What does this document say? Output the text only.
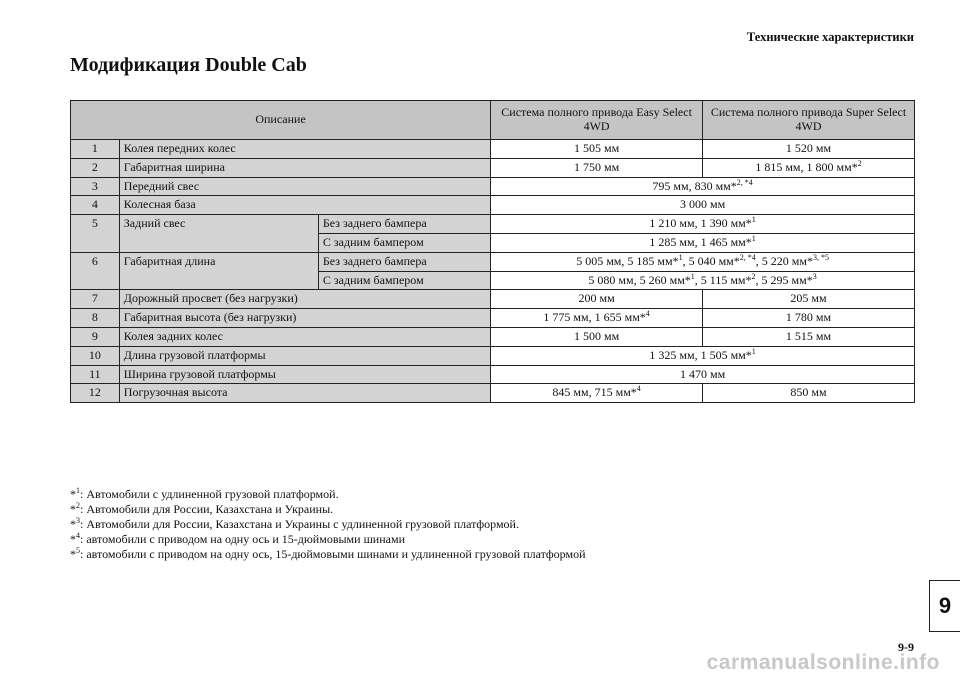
Технические характеристики
Модификация Double Cab
Описание			Система полного привода Easy Select 4WD	Система полного привода Super Select 4WD
1	Колея передних колес		1 505 мм	1 520 мм
2	Габаритная ширина		1 750 мм	1 815 мм, 1 800 мм*$^2$
3	Передний свес		795 мм, 830 мм*$^{2, *4}$
4	Колесная база		3 000 мм	
5	Задний свес	Без заднего бампера	1 210 мм, 1 390 мм*$^1$
		С задним бампером	1 285 мм, 1 465 мм*$^1$
6	Габаритная длина	Без заднего бампера	5 005 мм, 5 185 мм*$^1$, 5 040 мм*$^{2, *4}$, 5 220 мм*$^{3, *5}$
		С задним бампером	5 080 мм, 5 260 мм*$^1$, 5 115 мм*$^2$, 5 295 мм*$^3$
7	Дорожный просвет (без нагрузки)		200 мм	205 мм
8	Габаритная высота (без нагрузки)		1 775 мм, 1 655 мм*$^4$	1 780 мм
9	Колея задних колес		1 500 мм	1 515 мм
10	Длина грузовой платформы		1 325 мм, 1 505 мм*$^1$
11	Ширина грузовой платформы		1 470 мм	
12	Погрузочная высота		845 мм, 715 мм*$^4$	850 мм
*$^1$: Автомобили с удлиненной грузовой платформой.
*$^2$: Автомобили для России, Казахстана и Украины.
*$^3$: Автомобили для России, Казахстана и Украины с удлиненной грузовой платформой.
*$^4$: автомобили с приводом на одну ось и 15-дюймовыми шинами
*$^5$: автомобили с приводом на одну ось, 15-дюймовыми шинами и удлиненной грузовой платформой
9
9-9
carmanualsonline.info
